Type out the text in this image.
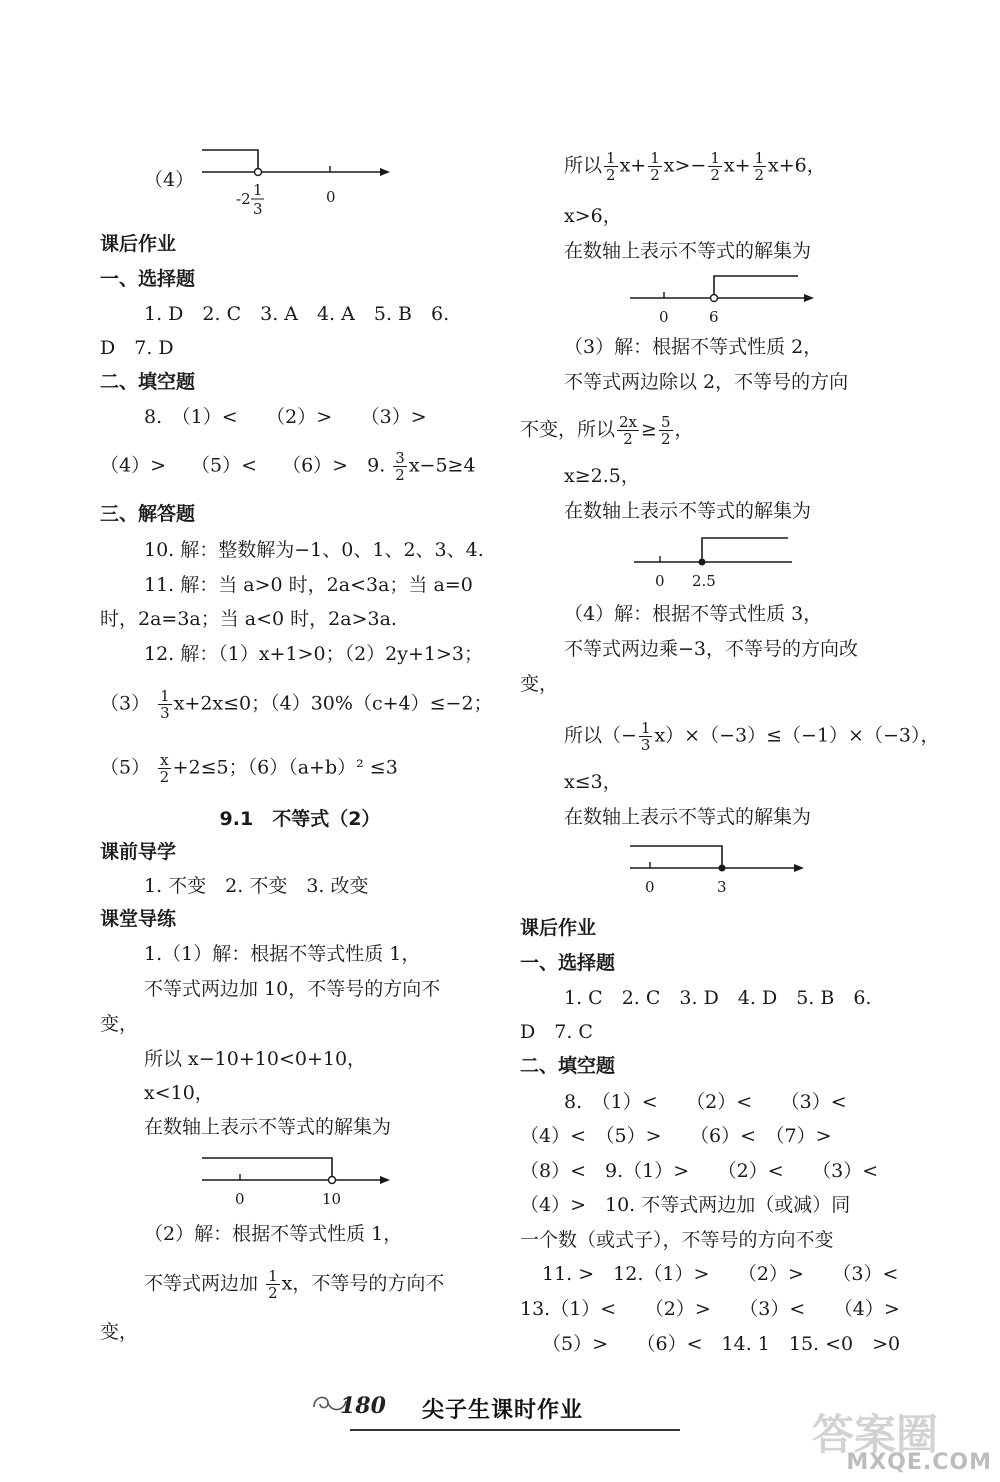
（4）
-2 1
3
0
课后作业
一、选择题
1. D　2. C　3. A　4. A　5. B　6.
D　7. D
二、填空题
8.　（1）<　　（2）>　　（3）>
（4）>　 （5）<　 （6）>　9. $\frac{3}{2} x-5\ge 4$
三、解答题
10. 解：整数解为−1、0、1、2、3、4.
11. 解：当 a>0 时，2a<3a；当 a=0
时，2a=3a；当 a<0 时，2a>3a.
12. 解：（1）x+1>0；（2）2y+1>3；
$(3) \frac{1}{3} x+2x\le 0$；（4）30%（c+4）≤−2；
$(5) \frac{x}{2} +2\le 5$；（6）（a+b）² ≤3
9.1　不等式（2）
课前导学
1. 不变　2. 不变　3. 改变
课堂导练
1.（1）解：根据不等式性质 1，
不等式两边加 10，不等号的方向不
变，
所以 x−10+10<0+10，
x<10，
在数轴上表示不等式的解集为
0	10
（2）解：根据不等式性质 1，
不等式两边加 $\frac{1}{2}$ x，不等号的方向不
变，
所以 $\frac{1}{2} x+ \frac{1}{2} x>- \frac{1}{2} x+ \frac{1}{2} x+6$，
x>6，
在数轴上表示不等式的解集为
0	6
（3）解：根据不等式性质 2，
不等式两边除以 2，不等号的方向
不变，所以 $\frac{2x}{2} \ge \frac{5}{2}$ ，
x≥2.5，
在数轴上表示不等式的解集为
0 2.5
（4）解：根据不等式性质 3，
不等式两边乘−3，不等号的方向改
变，
所以（− $\frac{1}{3} x)\times(-3)\le(-1)\times(-3)$，
x≤3，
在数轴上表示不等式的解集为
0	3
课后作业
一、选择题
1. C　2. C　3. D　4. D　5. B　6.
D　7. C
二、填空题
8.　（1）<　　（2）<　　（3）<
（4）<　（5）>　　（6）<　（7）>
（8）<　9.（1）>　　（2）<　　（3）<
（4）>　10. 不等式两边加（或减）同
一个数（或式子），不等号的方向不变
11. >　12.（1）>　　（2）>　　（3）<
13.（1）<　　（2）>　　（3）<　　（4）>
（5）>　　（6）<　14. 1　15. <0　>0
180 尖子生课时作业	答案圈
MXQE.COM
